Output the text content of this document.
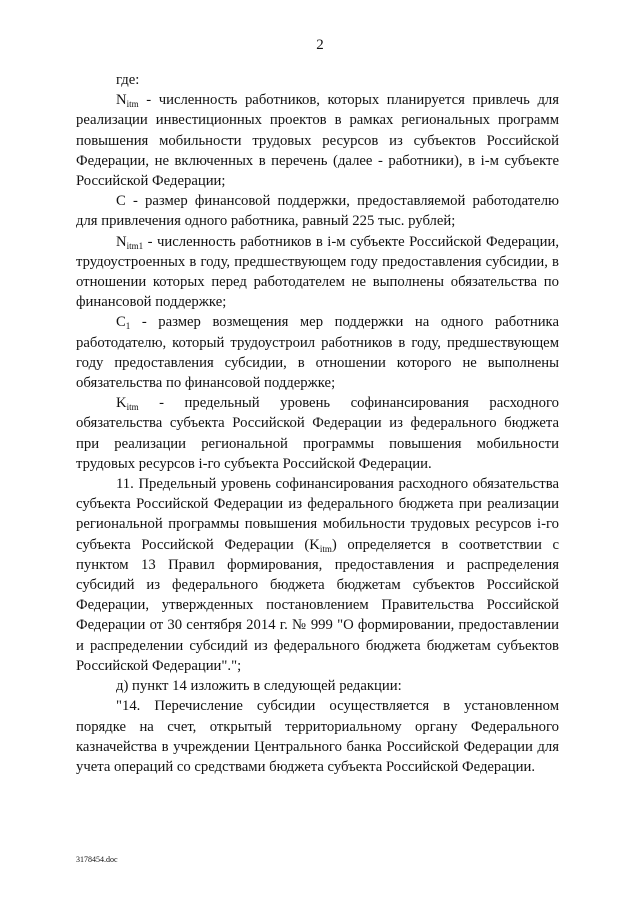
2

где:

$N_{itm}$ - численность работников, которых планируется привлечь для реализации инвестиционных проектов в рамках региональных программ повышения мобильности трудовых ресурсов из субъектов Российской Федерации, не включенных в перечень (далее - работники), в i-м субъекте Российской Федерации;

С - размер финансовой поддержки, предоставляемой работодателю для привлечения одного работника, равный 225 тыс. рублей;

$N_{itm1}$ - численность работников в i-м субъекте Российской Федерации, трудоустроенных в году, предшествующем году предоставления субсидии, в отношении которых перед работодателем не выполнены обязательства по финансовой поддержке;

$С_1$ - размер возмещения мер поддержки на одного работника работодателю, который трудоустроил работников в году, предшествующем году предоставления субсидии, в отношении которого не выполнены обязательства по финансовой поддержке;

$K_{itm}$ - предельный уровень софинансирования расходного обязательства субъекта Российской Федерации из федерального бюджета при реализации региональной программы повышения мобильности трудовых ресурсов i-го субъекта Российской Федерации.

11. Предельный уровень софинансирования расходного обязательства субъекта Российской Федерации из федерального бюджета при реализации региональной программы повышения мобильности трудовых ресурсов i-го субъекта Российской Федерации $(K_{itm})$ определяется в соответствии с пунктом 13 Правил формирования, предоставления и распределения субсидий из федерального бюджета бюджетам субъектов Российской Федерации, утвержденных постановлением Правительства Российской Федерации от 30 сентября 2014 г. № 999 "О формировании, предоставлении и распределении субсидий из федерального бюджета бюджетам субъектов Российской Федерации".";

д) пункт 14 изложить в следующей редакции:

"14. Перечисление субсидии осуществляется в установленном порядке на счет, открытый территориальному органу Федерального казначейства в учреждении Центрального банка Российской Федерации для учета операций со средствами бюджета субъекта Российской Федерации.

3178454.doc
